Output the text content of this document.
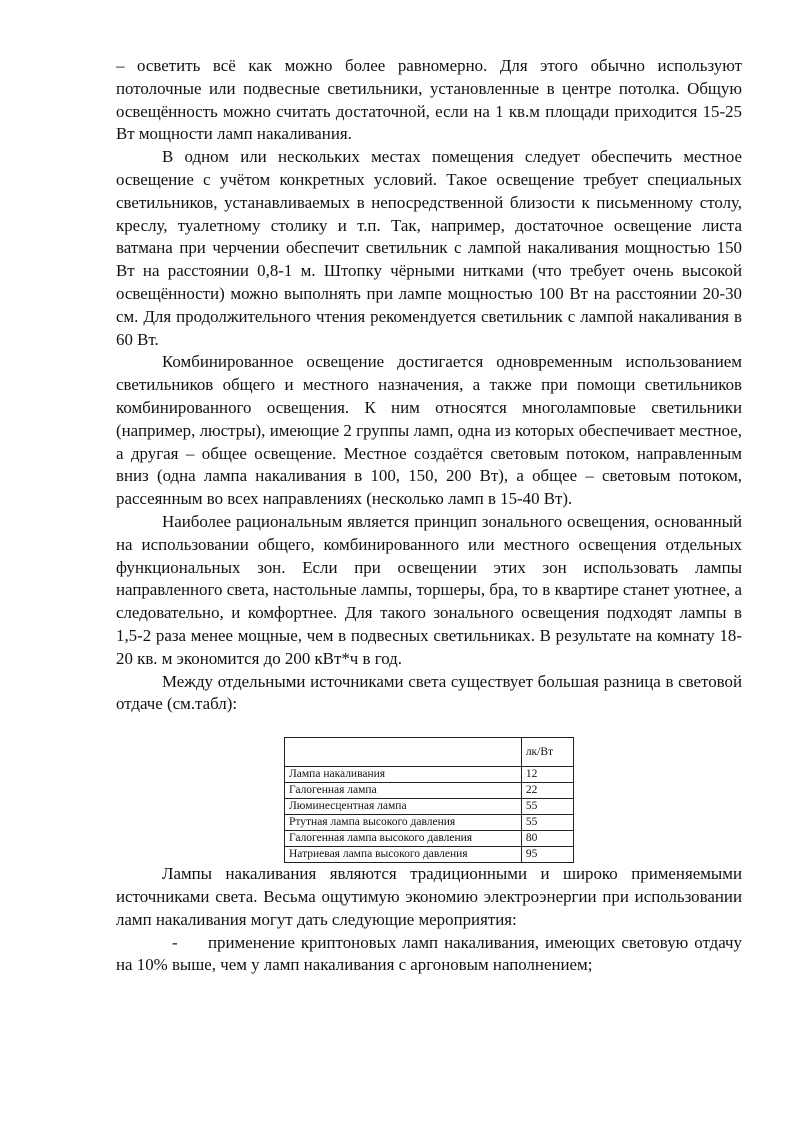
– осветить всё как можно более равномерно. Для этого обычно используют потолочные или подвесные светильники, установленные в центре потолка. Общую освещённость можно считать достаточной, если на 1 кв.м площади приходится 15-25 Вт мощности ламп накаливания.

В одном или нескольких местах помещения следует обеспечить местное освещение с учётом конкретных условий. Такое освещение требует специальных светильников, устанавливаемых в непосредственной близости к письменному столу, креслу, туалетному столику и т.п. Так, например, достаточное освещение листа ватмана при черчении обеспечит светильник с лампой накаливания мощностью 150 Вт на расстоянии 0,8-1 м. Штопку чёрными нитками (что требует очень высокой освещённости) можно выполнять при лампе мощностью 100 Вт на расстоянии 20-30 см. Для продолжительного чтения рекомендуется светильник с лампой накаливания в 60 Вт.

Комбинированное освещение достигается одновременным использованием светильников общего и местного назначения, а также при помощи светильников комбинированного освещения. К ним относятся многоламповые светильники (например, люстры), имеющие 2 группы ламп, одна из которых обеспечивает местное, а другая – общее освещение. Местное создаётся световым потоком, направленным вниз (одна лампа накаливания в 100, 150, 200 Вт), а общее – световым потоком, рассеянным во всех направлениях (несколько ламп в 15-40 Вт).

Наиболее рациональным является принцип зонального освещения, основанный на использовании общего, комбинированного или местного освещения отдельных функциональных зон. Если при освещении этих зон использовать лампы направленного света, настольные лампы, торшеры, бра, то в квартире станет уютнее, а следовательно, и комфортнее. Для такого зонального освещения подходят лампы в 1,5-2 раза менее мощные, чем в подвесных светильниках. В результате на комнату 18-20 кв. м экономится до 200 кВт*ч в год.

Между отдельными источниками света существует большая разница в световой отдаче (см.табл):

	лк/Вт
Лампа накаливания	12
Галогенная лампа	22
Люминесцентная лампа	55
Ртутная лампа высокого давления	55
Галогенная лампа высокого давления	80
Натриевая лампа высокого давления	95

Лампы накаливания являются традиционными и широко применяемыми источниками света. Весьма ощутимую экономию электроэнергии при использовании ламп накаливания могут дать следующие мероприятия:

- применение криптоновых ламп накаливания, имеющих световую отдачу на 10% выше, чем у ламп накаливания с аргоновым наполнением;
